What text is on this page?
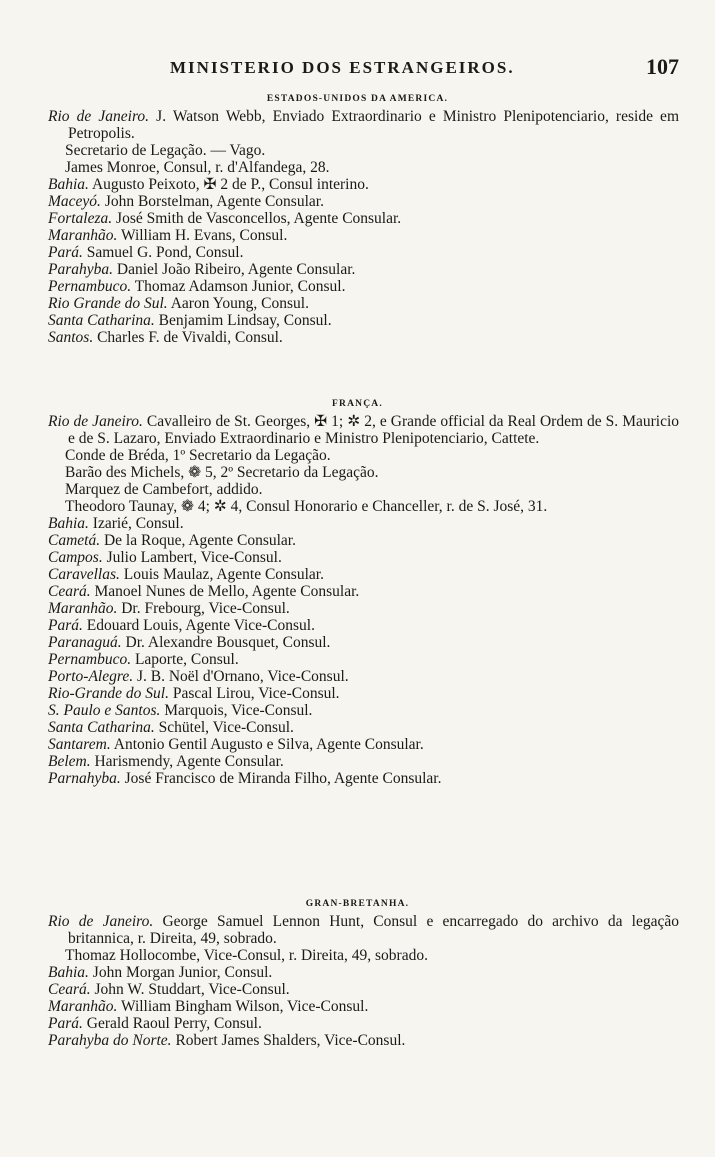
MINISTERIO DOS ESTRANGEIROS.	107
ESTADOS-UNIDOS DA AMERICA.
Rio de Janeiro. J. Watson Webb, Enviado Extraordinario e Ministro Plenipotenciario, reside em Petropolis.
Secretario de Legação. — Vago.
James Monroe, Consul, r. d'Alfandega, 28.
Bahia. Augusto Peixoto, ✠ 2 de P., Consul interino.
Maceyó. John Borstelman, Agente Consular.
Fortaleza. José Smith de Vasconcellos, Agente Consular.
Maranhão. William H. Evans, Consul.
Pará. Samuel G. Pond, Consul.
Parahyba. Daniel João Ribeiro, Agente Consular.
Pernambuco. Thomaz Adamson Junior, Consul.
Rio Grande do Sul. Aaron Young, Consul.
Santa Catharina. Benjamim Lindsay, Consul.
Santos. Charles F. de Vivaldi, Consul.
FRANÇA.
Rio de Janeiro. Cavalleiro de St. Georges, ✠ 1; ✲ 2, e Grande official da Real Ordem de S. Mauricio e de S. Lazaro, Enviado Extraordinario e Ministro Plenipotenciario, Cattete.
Conde de Bréda, 1º Secretario da Legação.
Barão des Michels, ❁ 5, 2º Secretario da Legação.
Marquez de Cambefort, addido.
Theodoro Taunay, ❁ 4; ✲ 4, Consul Honorario e Chanceller, r. de S. José, 31.
Bahia. Izarié, Consul.
Cametá. De la Roque, Agente Consular.
Campos. Julio Lambert, Vice-Consul.
Caravellas. Louis Maulaz, Agente Consular.
Ceará. Manoel Nunes de Mello, Agente Consular.
Maranhão. Dr. Frebourg, Vice-Consul.
Pará. Edouard Louis, Agente Vice-Consul.
Paranaguá. Dr. Alexandre Bousquet, Consul.
Pernambuco. Laporte, Consul.
Porto-Alegre. J. B. Noël d'Ornano, Vice-Consul.
Rio-Grande do Sul. Pascal Lirou, Vice-Consul.
S. Paulo e Santos. Marquois, Vice-Consul.
Santa Catharina. Schütel, Vice-Consul.
Santarem. Antonio Gentil Augusto e Silva, Agente Consular.
Belem. Harismendy, Agente Consular.
Parnahyba. José Francisco de Miranda Filho, Agente Consular.
GRAN-BRETANHA.
Rio de Janeiro. George Samuel Lennon Hunt, Consul e encarregado do archivo da legação britannica, r. Direita, 49, sobrado.
Thomaz Hollocombe, Vice-Consul, r. Direita, 49, sobrado.
Bahia. John Morgan Junior, Consul.
Ceará. John W. Studdart, Vice-Consul.
Maranhão. William Bingham Wilson, Vice-Consul.
Pará. Gerald Raoul Perry, Consul.
Parahyba do Norte. Robert James Shalders, Vice-Consul.
